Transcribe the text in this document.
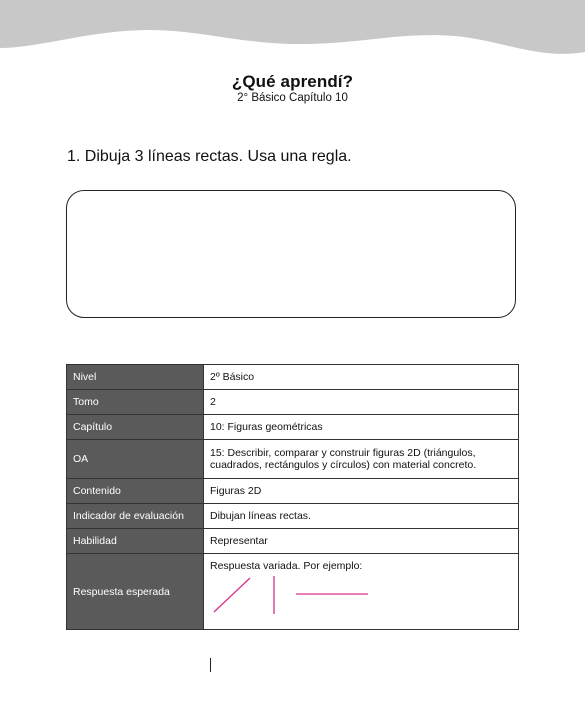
¿Qué aprendí?
2° Básico Capítulo 10
1. Dibuja 3 líneas rectas. Usa una regla.
Nivel	2º Básico
Tomo	2
Capítulo	10: Figuras geométricas
OA	15: Describir, comparar y construir figuras 2D (triángulos, cuadrados, rectángulos y círculos) con material concreto.
Contenido	Figuras 2D
Indicador de evaluación	Dibujan líneas rectas.
Habilidad	Representar
Respuesta esperada	Respuesta variada. Por ejemplo:
